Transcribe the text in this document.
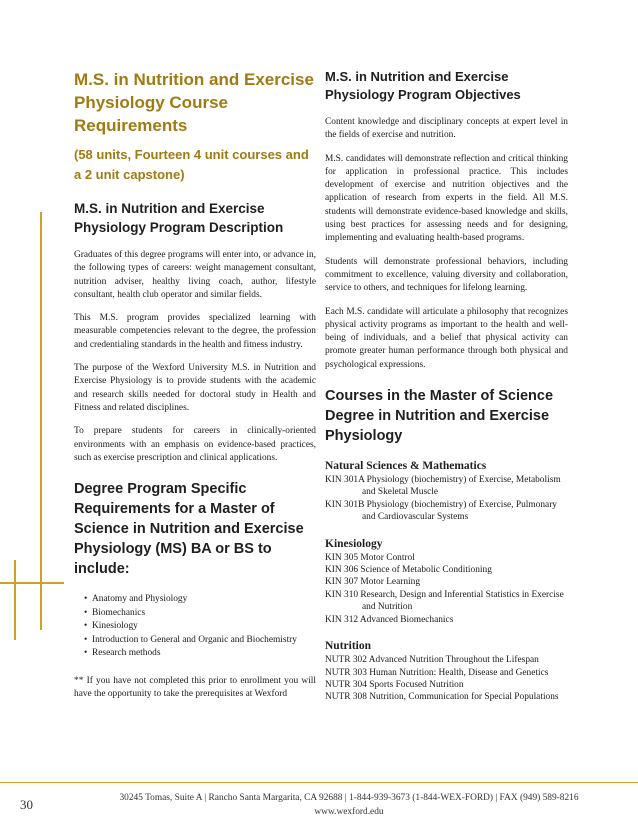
M.S. in Nutrition and Exercise Physiology Course Requirements
(58 units, Fourteen 4 unit courses and a 2 unit capstone)
M.S. in Nutrition and Exercise Physiology Program Description
Graduates of this degree programs will enter into, or advance in, the following types of careers: weight management consultant, nutrition adviser, healthy living coach, author, lifestyle consultant, health club operator and similar fields.
This M.S. program provides specialized learning with measurable competencies relevant to the degree, the profession and credentialing standards in the health and fitness industry.
The purpose of the Wexford University M.S. in Nutrition and Exercise Physiology is to provide students with the academic and research skills needed for doctoral study in Health and Fitness and related disciplines.
To prepare students for careers in clinically-oriented environments with an emphasis on evidence-based practices, such as exercise prescription and clinical applications.
Degree Program Specific Requirements for a Master of Science in Nutrition and Exercise Physiology (MS) BA or BS to include:
• Anatomy and Physiology
• Biomechanics
• Kinesiology
• Introduction to General and Organic and Biochemistry
• Research methods
** If you have not completed this prior to enrollment you will have the opportunity to take the prerequisites at Wexford
M.S. in Nutrition and Exercise Physiology Program Objectives
Content knowledge and disciplinary concepts at expert level in the fields of exercise and nutrition.
M.S. candidates will demonstrate reflection and critical thinking for application in professional practice. This includes development of exercise and nutrition objectives and the application of research from experts in the field. All M.S. students will demonstrate evidence-based knowledge and skills, using best practices for assessing needs and for designing, implementing and evaluating health-based programs.
Students will demonstrate professional behaviors, including commitment to excellence, valuing diversity and collaboration, service to others, and techniques for lifelong learning.
Each M.S. candidate will articulate a philosophy that recognizes physical activity programs as important to the health and well-being of individuals, and a belief that physical activity can promote greater human performance through both physical and psychological expressions.
Courses in the Master of Science Degree in Nutrition and Exercise Physiology
Natural Sciences & Mathematics
KIN 301A Physiology (biochemistry) of Exercise, Metabolism and Skeletal Muscle
KIN 301B Physiology (biochemistry) of Exercise, Pulmonary and Cardiovascular Systems
Kinesiology
KIN 305 Motor Control
KIN 306 Science of Metabolic Conditioning
KIN 307 Motor Learning
KIN 310 Research, Design and Inferential Statistics in Exercise and Nutrition
KIN 312 Advanced Biomechanics
Nutrition
NUTR 302 Advanced Nutrition Throughout the Lifespan
NUTR 303 Human Nutrition: Health, Disease and Genetics
NUTR 304 Sports Focused Nutrition
NUTR 308 Nutrition, Communication for Special Populations
30	30245 Tomas, Suite A | Rancho Santa Margarita, CA 92688 | 1-844-939-3673 (1-844-WEX-FORD) | FAX (949) 589-8216
www.wexford.edu
